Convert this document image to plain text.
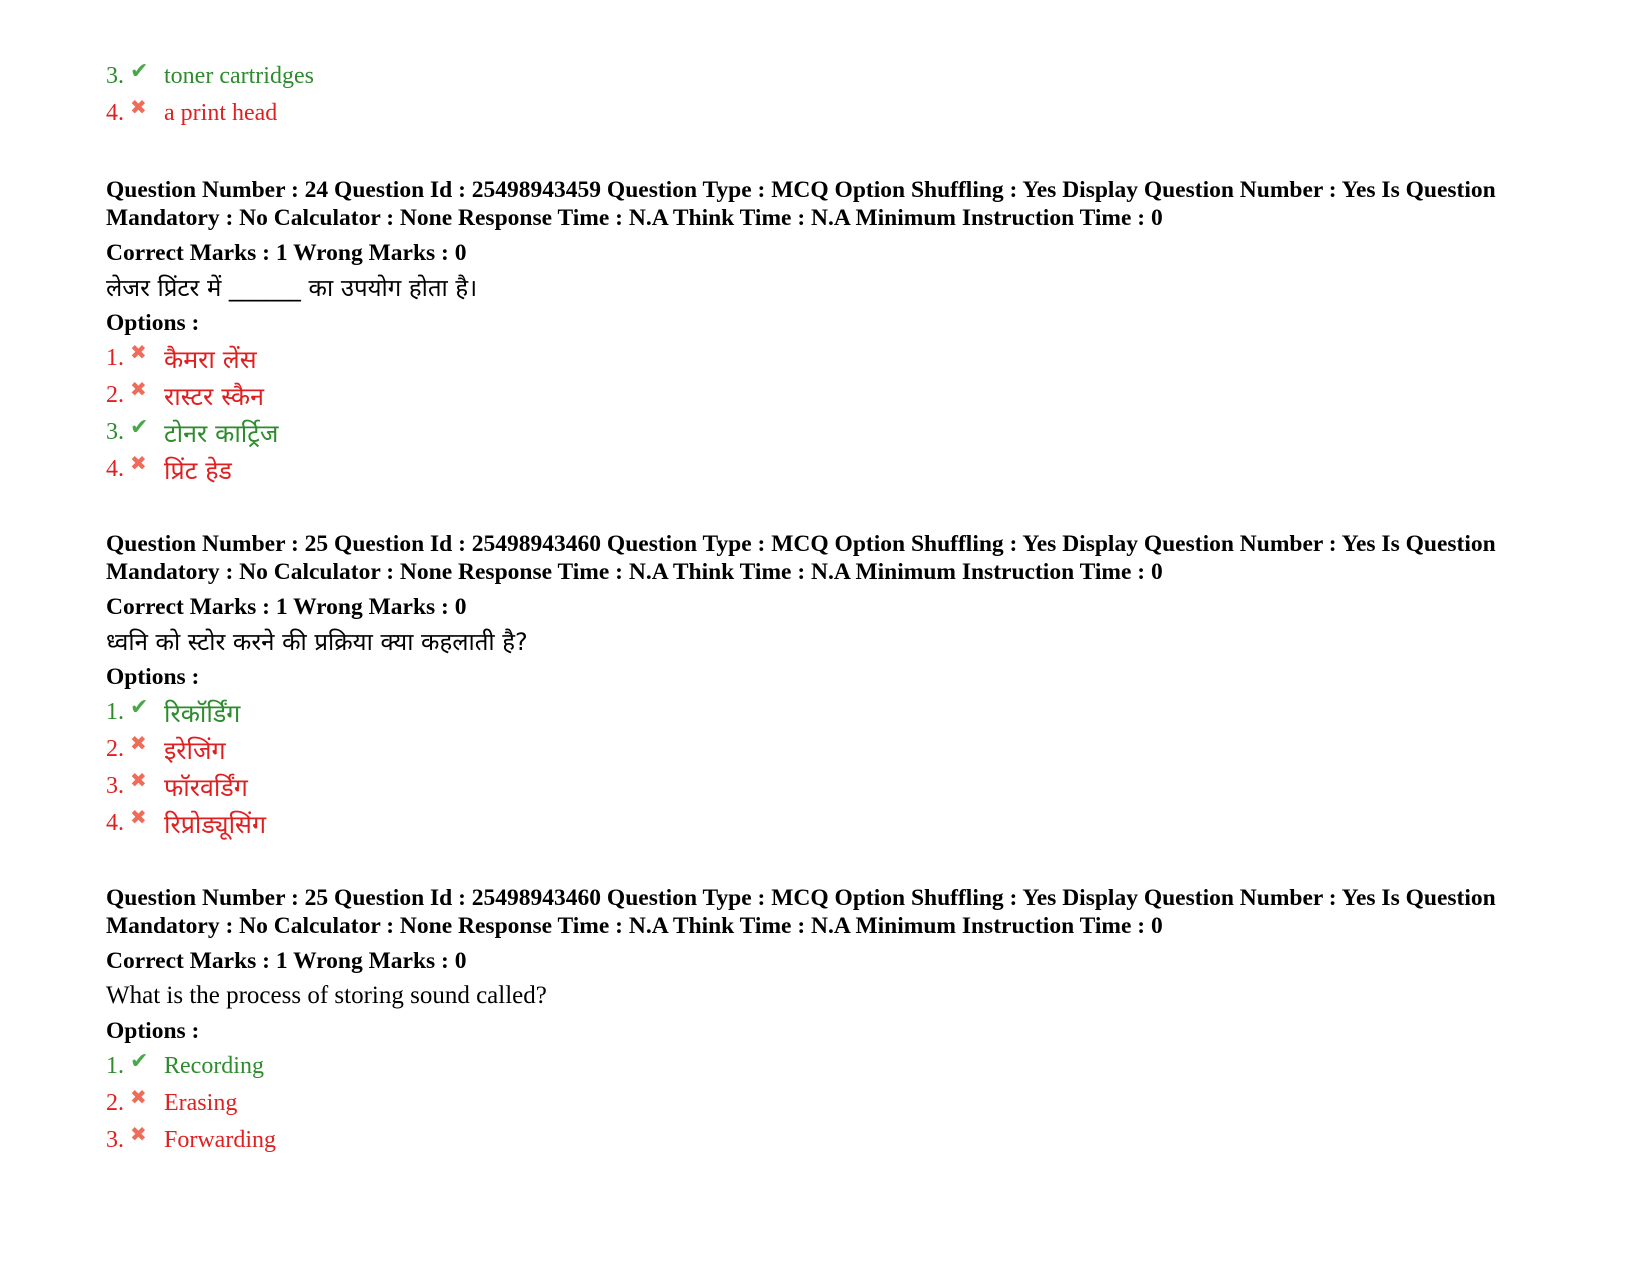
3. ✔ toner cartridges
4. ✖ a print head
Question Number : 24 Question Id : 25498943459 Question Type : MCQ Option Shuffling : Yes Display Question Number : Yes Is Question Mandatory : No Calculator : None Response Time : N.A Think Time : N.A Minimum Instruction Time : 0
Correct Marks : 1 Wrong Marks : 0
लेजर प्रिंटर में ______ का उपयोग होता है।
Options :
1. ✖ कैमरा लेंस
2. ✖ रास्टर स्कैन
3. ✔ टोनर कार्ट्रिज
4. ✖ प्रिंट हेड
Question Number : 25 Question Id : 25498943460 Question Type : MCQ Option Shuffling : Yes Display Question Number : Yes Is Question Mandatory : No Calculator : None Response Time : N.A Think Time : N.A Minimum Instruction Time : 0
Correct Marks : 1 Wrong Marks : 0
ध्वनि को स्टोर करने की प्रक्रिया क्या कहलाती है?
Options :
1. ✔ रिकॉर्डिंग
2. ✖ इरेजिंग
3. ✖ फॉरवर्डिंग
4. ✖ रिप्रोड्यूसिंग
Question Number : 25 Question Id : 25498943460 Question Type : MCQ Option Shuffling : Yes Display Question Number : Yes Is Question Mandatory : No Calculator : None Response Time : N.A Think Time : N.A Minimum Instruction Time : 0
Correct Marks : 1 Wrong Marks : 0
What is the process of storing sound called?
Options :
1. ✔ Recording
2. ✖ Erasing
3. ✖ Forwarding
